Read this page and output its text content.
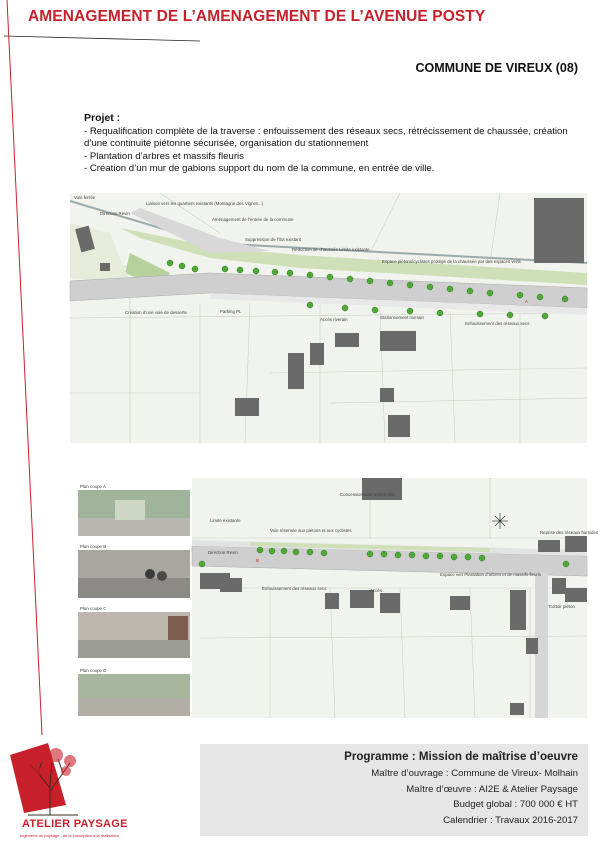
AMENAGEMENT DE L’AMENAGEMENT DE L’AVENUE POSTY
COMMUNE DE VIREUX (08)
Projet :

- Requalification complète de la traverse : enfouissement des réseaux secs, rétrécissement de chaussée, création d’une continuité piétonne sécurisée, organisation du stationnement

- Plantation d’arbres et massifs fleuris

- Création d’un mur de gabions support du nom de la commune, en entrée de ville.

Voie ferrée
Direction Revin
Liaison vers les quartiers existants (Montagne des Vignes...)
Aménagement de l’entrée de la commune
Suppression de l’îlot existant
Réduction de chaussée Limite existante
Espace piétons/cyclistes protégé de la chaussée par des espaces verts
Création d’une voie de desserte	Parking PL
Accès riverain	Stationnement riverain
Enfouissement des réseaux secs
A
Plan coupe A
Plan coupe B
Plan coupe C
Plan coupe D
Concessionnaire automobile
Limite existante
Voie réservée aux piétons et aux cyclistes
Direction Revin
Enfouissement des réseaux secs	Accès
Espace vert Plantation d’arbres et de massifs fleuris
Trottoir piéton
Reprise des réseaux humides
B
ATELIER PAYSAGE
Ingénierie du paysage - de la conception à la réalisation
Programme : Mission de maîtrise d’oeuvre
Maître d’ouvrage : Commune de Vireux- Molhain
Maître d’œuvre : AI2E & Atelier Paysage
Budget global : 700 000 € HT
Calendrier : Travaux 2016-2017
